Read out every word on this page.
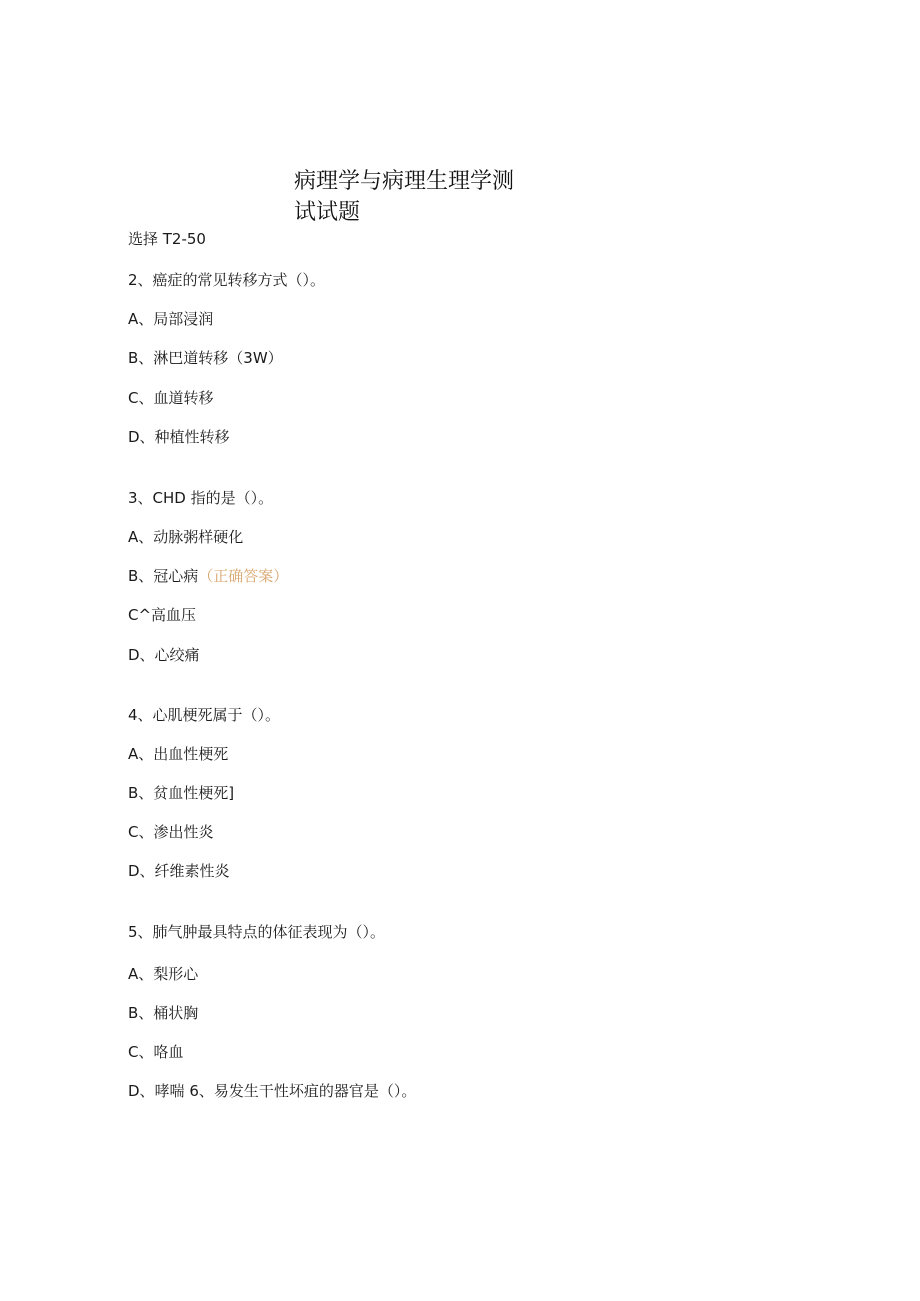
病理学与病理生理学测试试题
选择 T2-50
2、癌症的常见转移方式（）。
A、局部浸润
B、淋巴道转移（3W）
C、血道转移
D、种植性转移
3、CHD 指的是（）。
A、动脉粥样硬化
B、冠心病（正确答案）
C^高血压
D、心绞痛
4、心肌梗死属于（）。
A、出血性梗死
B、贫血性梗死]
C、渗出性炎
D、纤维素性炎
5、肺气肿最具特点的体征表现为（）。
A、梨形心
B、桶状胸
C、咯血
D、哮喘 6、易发生干性坏疽的器官是（）。
